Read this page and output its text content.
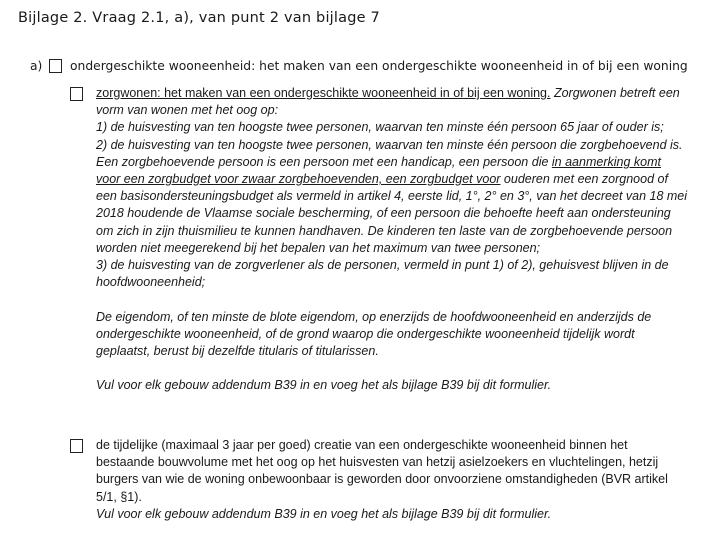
Bijlage 2. Vraag 2.1, a), van punt 2 van bijlage 7
a)	ondergeschikte wooneenheid: het maken van een ondergeschikte wooneenheid in of bij een woning
zorgwonen: het maken van een ondergeschikte wooneenheid in of bij een woning. Zorgwonen betreft een vorm van wonen met het oog op:
1) de huisvesting van ten hoogste twee personen, waarvan ten minste één persoon 65 jaar of ouder is;
2) de huisvesting van ten hoogste twee personen, waarvan ten minste één persoon die zorgbehoevend is. Een zorgbehoevende persoon is een persoon met een handicap, een persoon die in aanmerking komt voor een zorgbudget voor zwaar zorgbehoevenden, een zorgbudget voor ouderen met een zorgnood of een basisondersteuningsbudget als vermeld in artikel 4, eerste lid, 1°, 2° en 3°, van het decreet van 18 mei 2018 houdende de Vlaamse sociale bescherming, of een persoon die behoefte heeft aan ondersteuning om zich in zijn thuismilieu te kunnen handhaven. De kinderen ten laste van de zorgbehoevende persoon worden niet meegerekend bij het bepalen van het maximum van twee personen;
3) de huisvesting van de zorgverlener als de personen, vermeld in punt 1) of 2), gehuisvest blijven in de hoofdwooneenheid;
De eigendom, of ten minste de blote eigendom, op enerzijds de hoofdwooneenheid en anderzijds de ondergeschikte wooneenheid, of de grond waarop die ondergeschikte wooneenheid tijdelijk wordt geplaatst, berust bij dezelfde titularis of titularissen.
Vul voor elk gebouw addendum B39 in en voeg het als bijlage B39 bij dit formulier.
de tijdelijke (maximaal 3 jaar per goed) creatie van een ondergeschikte wooneenheid binnen het bestaande bouwvolume met het oog op het huisvesten van hetzij asielzoekers en vluchtelingen, hetzij burgers van wie de woning onbewoonbaar is geworden door onvoorziene omstandigheden (BVR artikel 5/1, §1).
Vul voor elk gebouw addendum B39 in en voeg het als bijlage B39 bij dit formulier.
